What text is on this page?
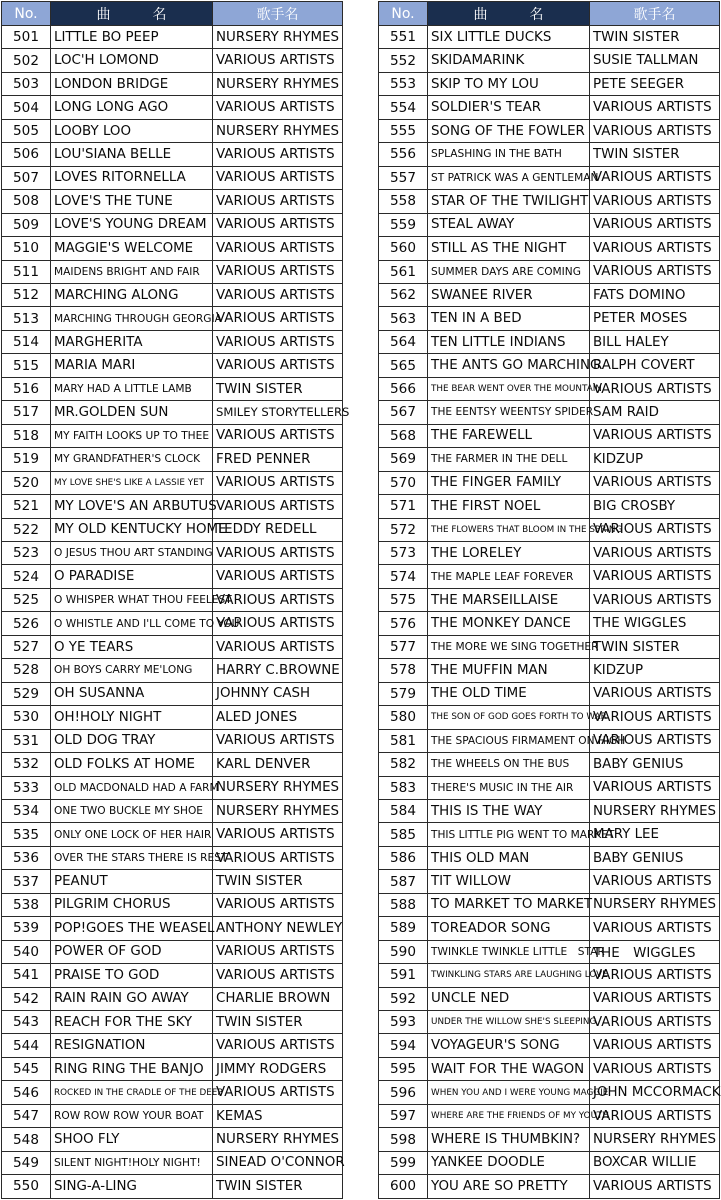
No.	曲　名	歌手名
501	LITTLE BO PEEP	NURSERY RHYMES
502	LOC'H LOMOND	VARIOUS ARTISTS
503	LONDON BRIDGE	NURSERY RHYMES
504	LONG LONG AGO	VARIOUS ARTISTS
505	LOOBY LOO	NURSERY RHYMES
506	LOU'SIANA BELLE	VARIOUS ARTISTS
507	LOVES RITORNELLA	VARIOUS ARTISTS
508	LOVE'S THE TUNE	VARIOUS ARTISTS
509	LOVE'S YOUNG DREAM	VARIOUS ARTISTS
510	MAGGIE'S WELCOME	VARIOUS ARTISTS
511	MAIDENS BRIGHT AND FAIR	VARIOUS ARTISTS
512	MARCHING ALONG	VARIOUS ARTISTS
513	MARCHING THROUGH GEORGIA	VARIOUS ARTISTS
514	MARGHERITA	VARIOUS ARTISTS
515	MARIA MARI	VARIOUS ARTISTS
516	MARY HAD A LITTLE LAMB	TWIN SISTER
517	MR.GOLDEN SUN	SMILEY STORYTELLERS
518	MY FAITH LOOKS UP TO THEE	VARIOUS ARTISTS
519	MY GRANDFATHER'S CLOCK	FRED PENNER
520	MY LOVE SHE'S LIKE A LASSIE YET	VARIOUS ARTISTS
521	MY LOVE'S AN ARBUTUS	VARIOUS ARTISTS
522	MY OLD KENTUCKY HOME	TEDDY REDELL
523	O JESUS THOU ART STANDING	VARIOUS ARTISTS
524	O PARADISE	VARIOUS ARTISTS
525	O WHISPER WHAT THOU FEELEST	VARIOUS ARTISTS
526	O WHISTLE AND I'LL COME TO YOU	VARIOUS ARTISTS
527	O YE TEARS	VARIOUS ARTISTS
528	OH BOYS CARRY ME'LONG	HARRY C.BROWNE
529	OH SUSANNA	JOHNNY CASH
530	OH!HOLY NIGHT	ALED JONES
531	OLD DOG TRAY	VARIOUS ARTISTS
532	OLD FOLKS AT HOME	KARL DENVER
533	OLD MACDONALD HAD A FARM	NURSERY RHYMES
534	ONE TWO BUCKLE MY SHOE	NURSERY RHYMES
535	ONLY ONE LOCK OF HER HAIR	VARIOUS ARTISTS
536	OVER THE STARS THERE IS REST	VARIOUS ARTISTS
537	PEANUT	TWIN SISTER
538	PILGRIM CHORUS	VARIOUS ARTISTS
539	POP!GOES THE WEASEL	ANTHONY NEWLEY
540	POWER OF GOD	VARIOUS ARTISTS
541	PRAISE TO GOD	VARIOUS ARTISTS
542	RAIN RAIN GO AWAY	CHARLIE BROWN
543	REACH FOR THE SKY	TWIN SISTER
544	RESIGNATION	VARIOUS ARTISTS
545	RING RING THE BANJO	JIMMY RODGERS
546	ROCKED IN THE CRADLE OF THE DEEP	VARIOUS ARTISTS
547	ROW ROW ROW YOUR BOAT	KEMAS
548	SHOO FLY	NURSERY RHYMES
549	SILENT NIGHT!HOLY NIGHT!	SINEAD O'CONNOR
550	SING-A-LING	TWIN SISTER
No.	曲　名	歌手名
551	SIX LITTLE DUCKS	TWIN SISTER
552	SKIDAMARINK	SUSIE TALLMAN
553	SKIP TO MY LOU	PETE SEEGER
554	SOLDIER'S TEAR	VARIOUS ARTISTS
555	SONG OF THE FOWLER	VARIOUS ARTISTS
556	SPLASHING IN THE BATH	TWIN SISTER
557	ST PATRICK WAS A GENTLEMAN	VARIOUS ARTISTS
558	STAR OF THE TWILIGHT	VARIOUS ARTISTS
559	STEAL AWAY	VARIOUS ARTISTS
560	STILL AS THE NIGHT	VARIOUS ARTISTS
561	SUMMER DAYS ARE COMING	VARIOUS ARTISTS
562	SWANEE RIVER	FATS DOMINO
563	TEN IN A BED	PETER MOSES
564	TEN LITTLE INDIANS	BILL HALEY
565	THE ANTS GO MARCHING	RALPH COVERT
566	THE BEAR WENT OVER THE MOUNTAIN	VARIOUS ARTISTS
567	THE EENTSY WEENTSY SPIDER	SAM RAID
568	THE FAREWELL	VARIOUS ARTISTS
569	THE FARMER IN THE DELL	KIDZUP
570	THE FINGER FAMILY	VARIOUS ARTISTS
571	THE FIRST NOEL	BIG CROSBY
572	THE FLOWERS THAT BLOOM IN THE SPRING	VARIOUS ARTISTS
573	THE LORELEY	VARIOUS ARTISTS
574	THE MAPLE LEAF FOREVER	VARIOUS ARTISTS
575	THE MARSEILLAISE	VARIOUS ARTISTS
576	THE MONKEY DANCE	THE WIGGLES
577	THE MORE WE SING TOGETHER	TWIN SISTER
578	THE MUFFIN MAN	KIDZUP
579	THE OLD TIME	VARIOUS ARTISTS
580	THE SON OF GOD GOES FORTH TO WAR	VARIOUS ARTISTS
581	THE SPACIOUS FIRMAMENT ON HIGH	VARIOUS ARTISTS
582	THE WHEELS ON THE BUS	BABY GENIUS
583	THERE'S MUSIC IN THE AIR	VARIOUS ARTISTS
584	THIS IS THE WAY	NURSERY RHYMES
585	THIS LITTLE PIG WENT TO MARKET	MARY LEE
586	THIS OLD MAN	BABY GENIUS
587	TIT WILLOW	VARIOUS ARTISTS
588	TO MARKET TO MARKET	NURSERY RHYMES
589	TOREADOR SONG	VARIOUS ARTISTS
590	TWINKLE TWINKLE LITTLE　STAR	THE　WIGGLES
591	TWINKLING STARS ARE LAUGHING LOVE	VARIOUS ARTISTS
592	UNCLE NED	VARIOUS ARTISTS
593	UNDER THE WILLOW SHE'S SLEEPING	VARIOUS ARTISTS
594	VOYAGEUR'S SONG	VARIOUS ARTISTS
595	WAIT FOR THE WAGON	VARIOUS ARTISTS
596	WHEN YOU AND I WERE YOUNG MAGGIE	JOHN MCCORMACK
597	WHERE ARE THE FRIENDS OF MY YOUTH	VARIOUS ARTISTS
598	WHERE IS THUMBKIN?	NURSERY RHYMES
599	YANKEE DOODLE	BOXCAR WILLIE
600	YOU ARE SO PRETTY	VARIOUS ARTISTS
